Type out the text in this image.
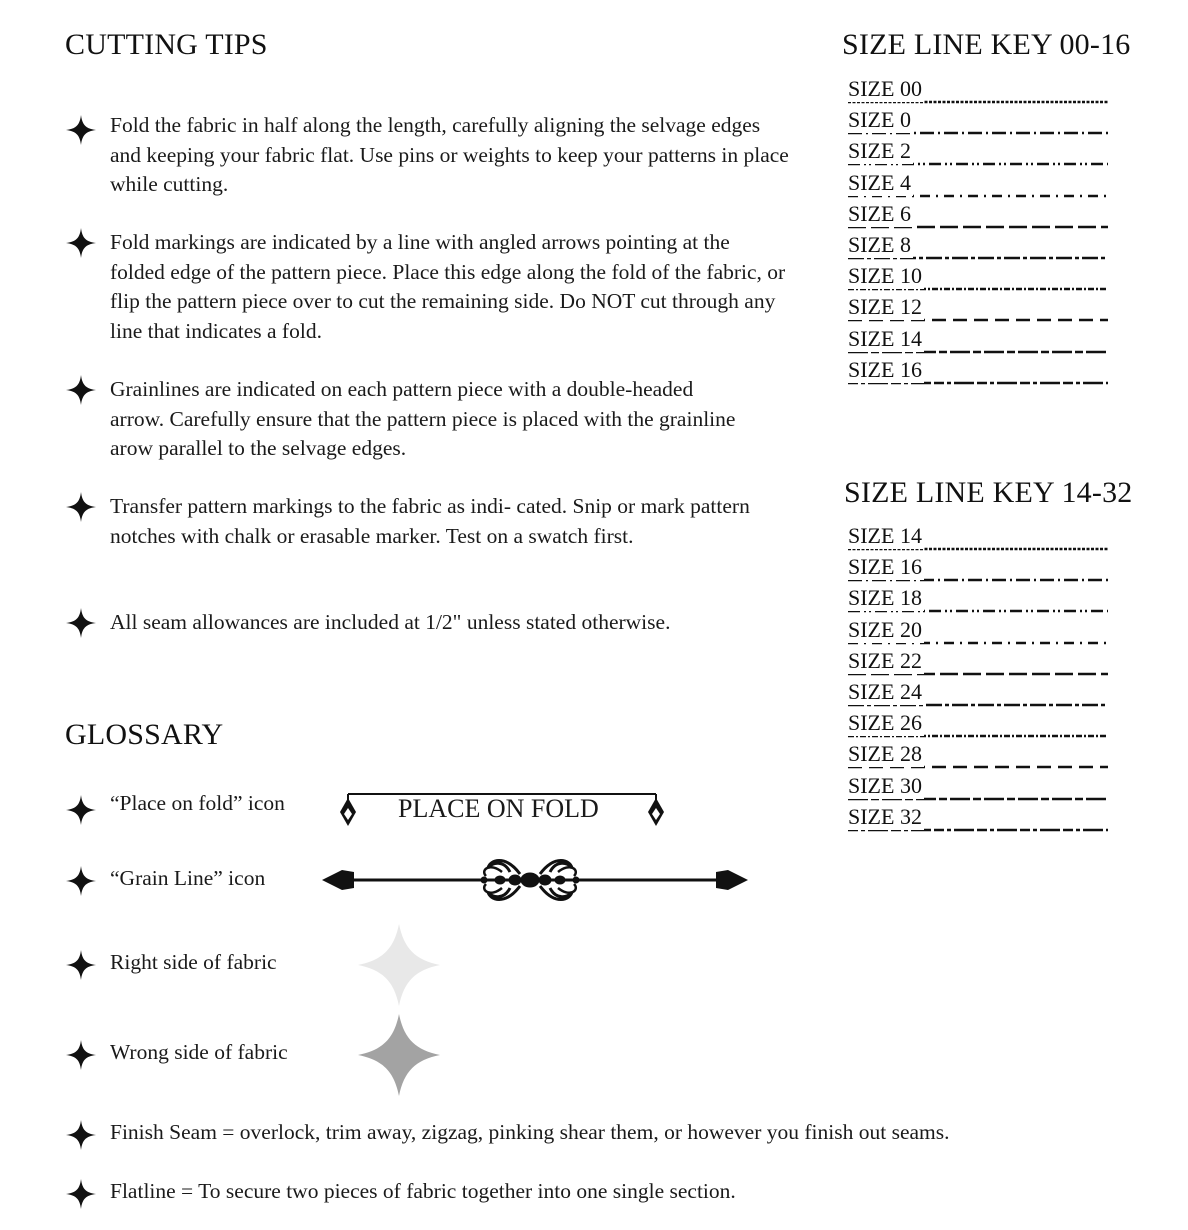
CUTTING TIPS
Fold the fabric in half along the length, carefully aligning the selvage edges and keeping your fabric flat. Use pins or weights to keep your patterns in place while cutting.
Fold markings are indicated by a line with angled arrows pointing at the folded edge of the pattern piece. Place this edge along the fold of the fabric, or flip the pattern piece over to cut the remaining side. Do NOT cut through any line that indicates a fold.
Grainlines are indicated on each pattern piece with a double-headed arrow. Carefully ensure that the pattern piece is placed with the grainline arow parallel to the selvage edges.
Transfer pattern markings to the fabric as indi- cated. Snip or mark pattern notches with chalk or erasable marker. Test on a swatch first.
All seam allowances are included at 1/2" unless stated otherwise.
GLOSSARY
“Place on fold” icon	PLACE ON FOLD
“Grain Line” icon
Right side of fabric
Wrong side of fabric
Finish Seam = overlock, trim away, zigzag, pinking shear them, or however you finish out seams.
Flatline = To secure two pieces of fabric together into one single section.
SIZE LINE KEY 00-16
SIZE 00
SIZE 0
SIZE 2
SIZE 4
SIZE 6
SIZE 8
SIZE 10
SIZE 12
SIZE 14
SIZE 16
SIZE LINE KEY 14-32
SIZE 14
SIZE 16
SIZE 18
SIZE 20
SIZE 22
SIZE 24
SIZE 26
SIZE 28
SIZE 30
SIZE 32
